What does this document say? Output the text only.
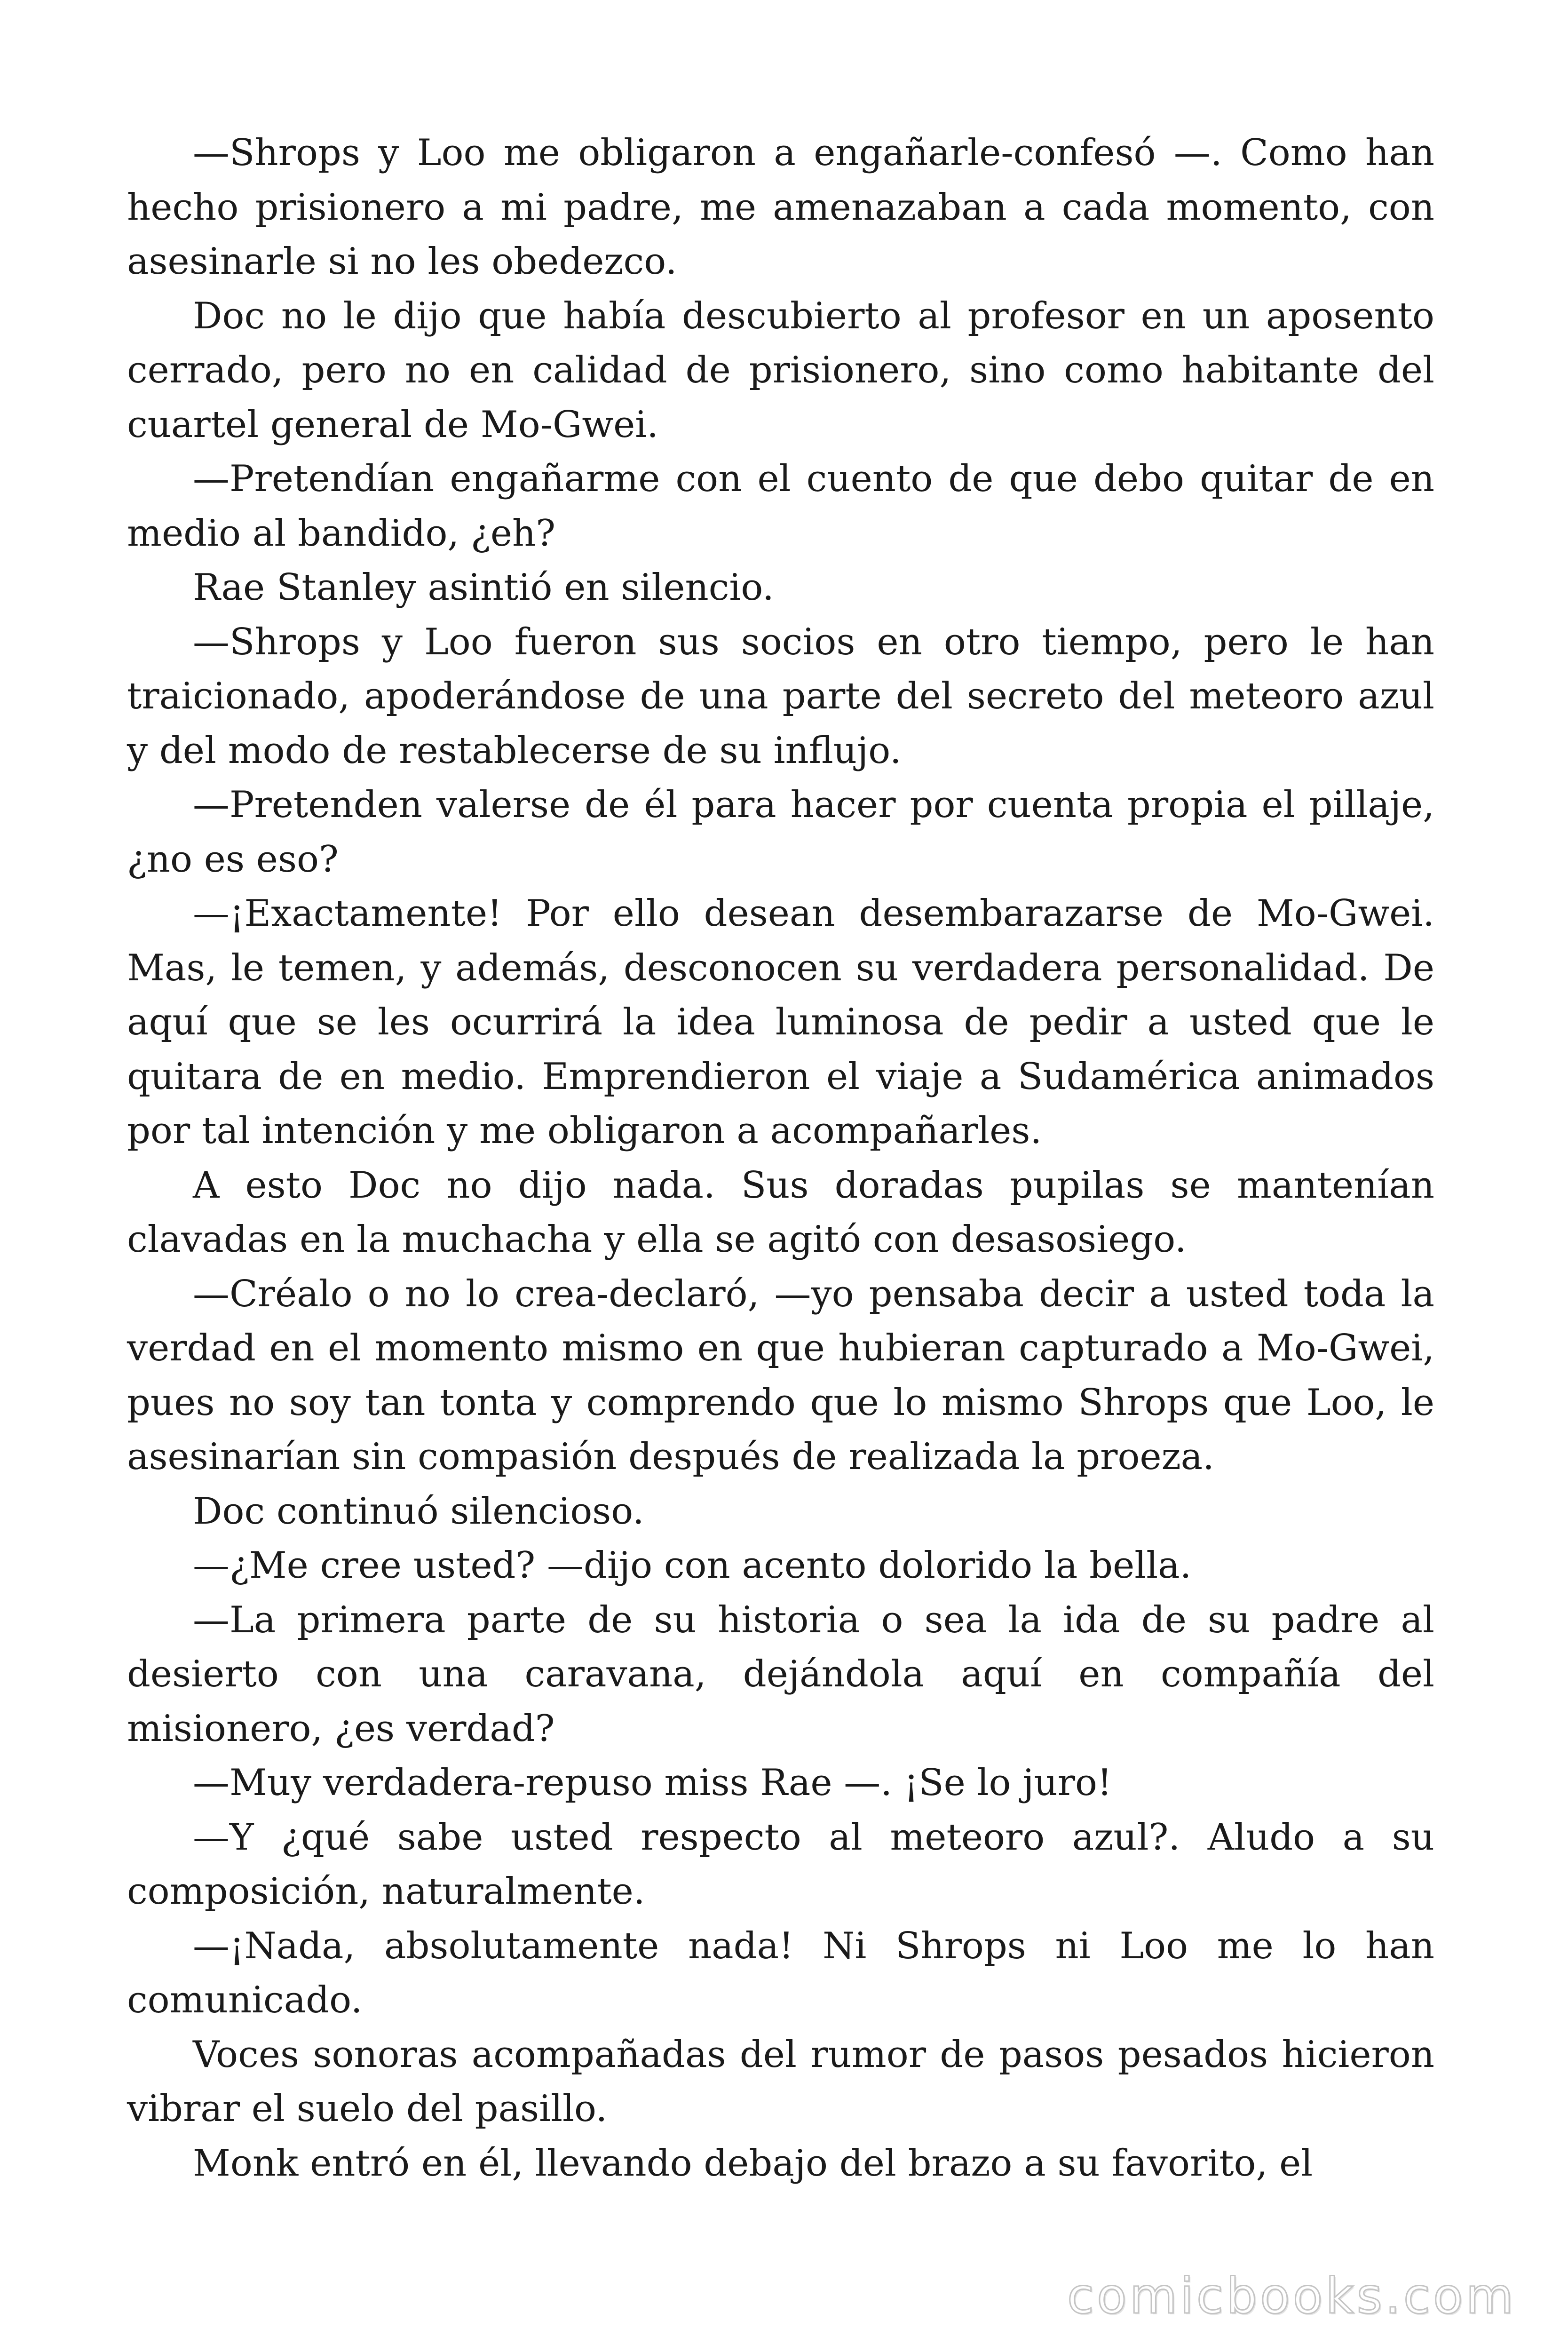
—Shrops y Loo me obligaron a engañarle-confesó —. Como han hecho prisionero a mi padre, me amenazaban a cada momento, con asesinarle si no les obedezco.

Doc no le dijo que había descubierto al profesor en un aposento cerrado, pero no en calidad de prisionero, sino como habitante del cuartel general de Mo-Gwei.

—Pretendían engañarme con el cuento de que debo quitar de en medio al bandido, ¿eh?

Rae Stanley asintió en silencio.

—Shrops y Loo fueron sus socios en otro tiempo, pero le han traicionado, apoderándose de una parte del secreto del meteoro azul y del modo de restablecerse de su influjo.

—Pretenden valerse de él para hacer por cuenta propia el pillaje, ¿no es eso?

—¡Exactamente! Por ello desean desembarazarse de Mo-Gwei. Mas, le temen, y además, desconocen su verdadera personalidad. De aquí que se les ocurrirá la idea luminosa de pedir a usted que le quitara de en medio. Emprendieron el viaje a Sudamérica animados por tal intención y me obligaron a acompañarles.

A esto Doc no dijo nada. Sus doradas pupilas se mantenían clavadas en la muchacha y ella se agitó con desasosiego.

—Créalo o no lo crea-declaró, —yo pensaba decir a usted toda la verdad en el momento mismo en que hubieran capturado a Mo-Gwei, pues no soy tan tonta y comprendo que lo mismo Shrops que Loo, le asesinarían sin compasión después de realizada la proeza.

Doc continuó silencioso.

—¿Me cree usted? —dijo con acento dolorido la bella.

—La primera parte de su historia o sea la ida de su padre al desierto con una caravana, dejándola aquí en compañía del misionero, ¿es verdad?

—Muy verdadera-repuso miss Rae —. ¡Se lo juro!

—Y ¿qué sabe usted respecto al meteoro azul?. Aludo a su composición, naturalmente.

—¡Nada, absolutamente nada! Ni Shrops ni Loo me lo han comunicado.

Voces sonoras acompañadas del rumor de pasos pesados hicieron vibrar el suelo del pasillo.

Monk entró en él, llevando debajo del brazo a su favorito, el

comicbooks.com
